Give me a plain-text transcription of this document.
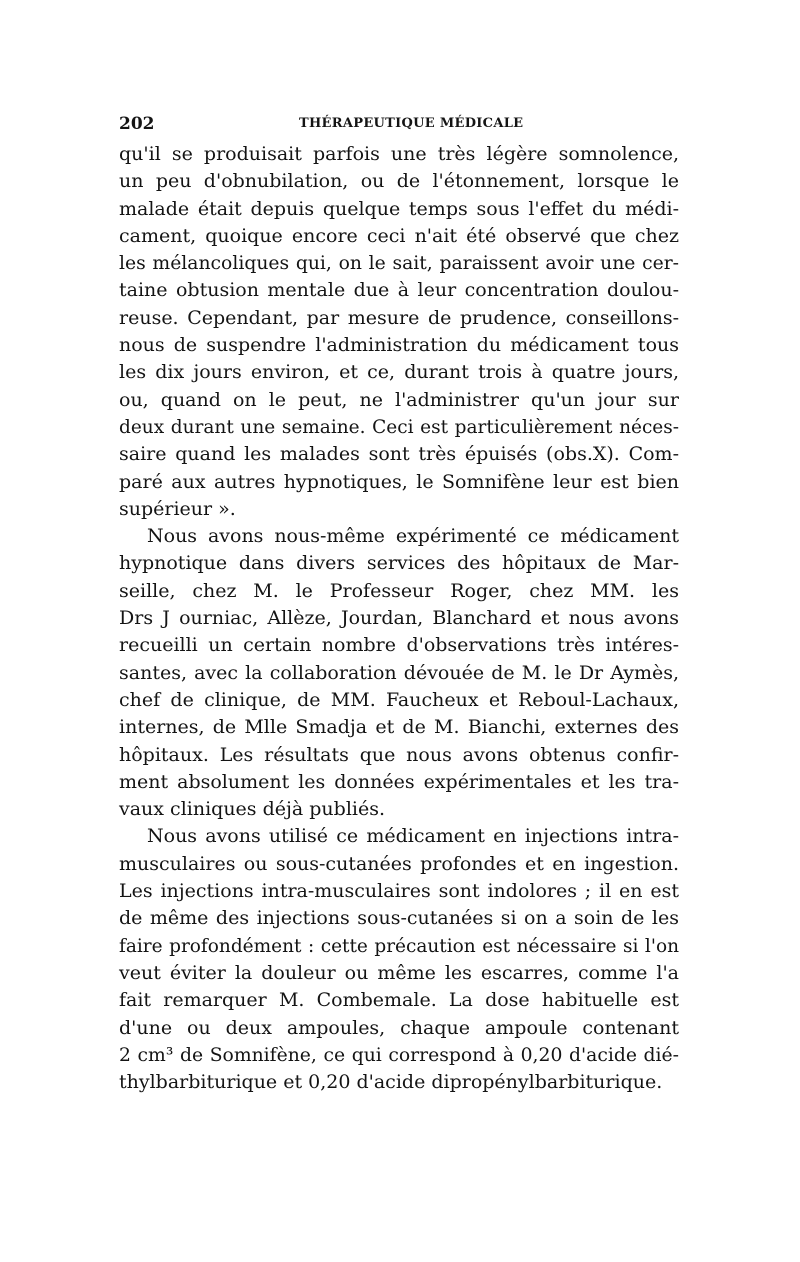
202	THÉRAPEUTIQUE MÉDICALE
qu'il se produisait parfois une très légère somnolence,
un peu d'obnubilation, ou de l'étonnement, lorsque le
malade était depuis quelque temps sous l'effet du médi-
cament, quoique encore ceci n'ait été observé que chez
les mélancoliques qui, on le sait, paraissent avoir une cer-
taine obtusion mentale due à leur concentration doulou-
reuse. Cependant, par mesure de prudence, conseillons-
nous de suspendre l'administration du médicament tous
les dix jours environ, et ce, durant trois à quatre jours,
ou, quand on le peut, ne l'administrer qu'un jour sur
deux durant une semaine. Ceci est particulièrement néces-
saire quand les malades sont très épuisés (obs.X). Com-
paré aux autres hypnotiques, le Somnifène leur est bien
supérieur ».
Nous avons nous-même expérimenté ce médicament
hypnotique dans divers services des hôpitaux de Mar-
seille, chez M. le Professeur Roger, chez MM. les
Drs J ourniac, Allèze, Jourdan, Blanchard et nous avons
recueilli un certain nombre d'observations très intéres-
santes, avec la collaboration dévouée de M. le Dr Aymès,
chef de clinique, de MM. Faucheux et Reboul-Lachaux,
internes, de Mlle Smadja et de M. Bianchi, externes des
hôpitaux. Les résultats que nous avons obtenus confir-
ment absolument les données expérimentales et les tra-
vaux cliniques déjà publiés.
Nous avons utilisé ce médicament en injections intra-
musculaires ou sous-cutanées profondes et en ingestion.
Les injections intra-musculaires sont indolores ; il en est
de même des injections sous-cutanées si on a soin de les
faire profondément : cette précaution est nécessaire si l'on
veut éviter la douleur ou même les escarres, comme l'a
fait remarquer M. Combemale. La dose habituelle est
d'une ou deux ampoules, chaque ampoule contenant
2 cm³ de Somnifène, ce qui correspond à 0,20 d'acide dié-
thylbarbiturique et 0,20 d'acide dipropénylbarbiturique.
